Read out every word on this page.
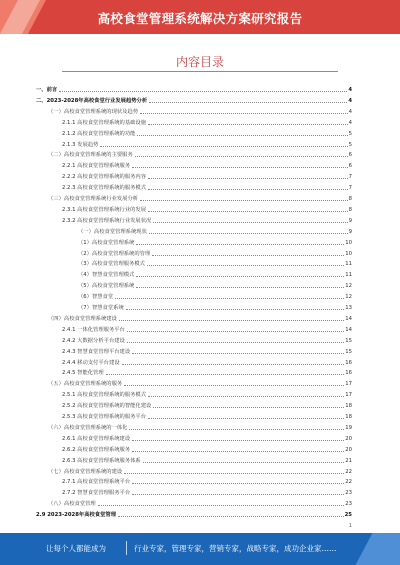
高校食堂管理系统解决方案研究报告
内容目录
一、前言	4
二、2023-2028年高校食堂行业发展趋势分析	4
（一）高校食堂管理系统的现状及趋势	4
2.1.1 高校食堂管理系统的基础设施	4
2.1.2 高校食堂管理系统的功能	5
2.1.3 发展趋势	5
（二）高校食堂管理系统的主要服务	6
2.2.1 高校食堂管理系统服务	6
2.2.2 高校食堂管理系统的服务内容	7
2.2.3 高校食堂管理系统的服务模式	7
（三）高校食堂管理系统行业发展分析	8
2.3.1 高校食堂管理系统行业的发展	8
2.3.2 高校食堂管理系统行业发展状况	9
（一）高校食堂管理系统现状	9
（1）高校食堂管理系统	10
（2）高校食堂管理系统的管理	10
（3）高校食堂管理服务模式	11
（4）智慧食堂管理模式	11
（5）高校食堂管理系统	12
（6）智慧食堂	12
（7）智慧食堂系统	13
（四）高校食堂管理系统建设	14
2.4.1 一体化管理服务平台	14
2.4.2 大数据分析平台建设	15
2.4.3 智慧食堂管理平台建设	15
2.4.4 移动支付平台建设	16
2.4.5 智能化管理	16
（五）高校食堂管理系统的服务	17
2.5.1 高校食堂管理系统的服务模式	17
2.5.2 高校食堂管理系统的智能化建设	18
2.5.3 高校食堂管理系统的服务平台	18
（六）高校食堂管理系统的一体化	19
2.6.1 高校食堂管理系统建设	20
2.6.2 高校食堂管理系统服务	20
2.6.3 高校食堂管理系统服务体系	21
（七）高校食堂管理系统的建设	22
2.7.1 高校食堂管理系统平台	22
2.7.2 智慧食堂管理服务平台	23
（八）高校食堂管理	23
2.9 2023-2028年高校食堂管理	25
1
让每个人都能成为	行业专家，管理专家，营销专家，战略专家，成功企业家……
